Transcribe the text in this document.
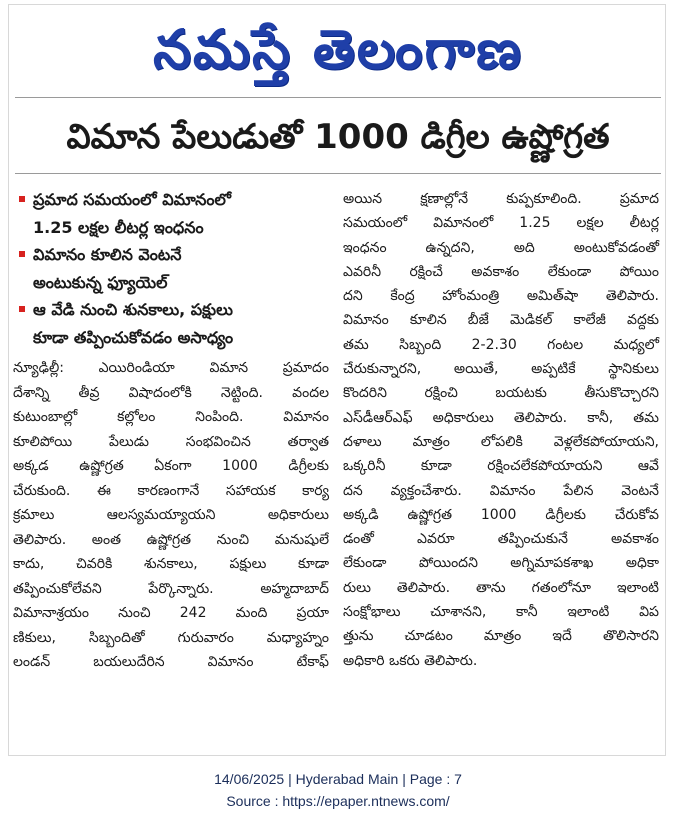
నమస్తే తెలంగాణ
విమాన పేలుడుతో 1000 డిగ్రీల ఉష్ణోగ్రత
ప్రమాద సమయంలో విమానంలో
1.25 లక్షల లీటర్ల ఇంధనం
విమానం కూలిన వెంటనే
అంటుకున్న ఫ్యూయెల్
ఆ వేడి నుంచి శునకాలు, పక్షులు
కూడా తప్పించుకోవడం అసాధ్యం
న్యూఢిల్లీ: ఎయిరిండియా విమాన ప్రమాదం
దేశాన్ని తీవ్ర విషాదంలోకి నెట్టింది. వందల
కుటుంబాల్లో కల్లోలం నింపింది. విమానం
కూలిపోయి పేలుడు సంభవించిన తర్వాత
అక్కడ ఉష్ణోగ్రత ఏకంగా 1000 డిగ్రీలకు
చేరుకుంది. ఈ కారణంగానే సహాయక కార్య
క్రమాలు ఆలస్యమయ్యాయని అధికారులు
తెలిపారు. అంత ఉష్ణోగ్రత నుంచి మనుషులే
కాదు, చివరికి శునకాలు, పక్షులు కూడా
తప్పించుకోలేవని పేర్కొన్నారు. అహ్మదాబాద్
విమానాశ్రయం నుంచి 242 మంది ప్రయా
ణికులు, సిబ్బందితో గురువారం మధ్యాహ్నం
లండన్ బయలుదేరిన విమానం టేకాఫ్
అయిన క్షణాల్లోనే కుప్పకూలింది. ప్రమాద
సమయంలో విమానంలో 1.25 లక్షల లీటర్ల
ఇంధనం ఉన్నదని, అది అంటుకోవడంతో
ఎవరినీ రక్షించే అవకాశం లేకుండా పోయిం
దని కేంద్ర హోంమంత్రి అమిత్‌షా తెలిపారు.
విమానం కూలిన బీజే మెడికల్ కాలేజీ వద్దకు
తమ సిబ్బంది 2-2.30 గంటల మధ్యలో
చేరుకున్నారని, అయితే, అప్పటికే స్థానికులు
కొందరిని రక్షించి బయటకు తీసుకొచ్చారని
ఎస్‌డీఆర్‌ఎఫ్ అధికారులు తెలిపారు. కానీ, తమ
దళాలు మాత్రం లోపలికి వెళ్లలేకపోయాయని,
ఒక్కరినీ కూడా రక్షించలేకపోయాయని ఆవే
దన వ్యక్తంచేశారు. విమానం పేలిన వెంటనే
అక్కడి ఉష్ణోగ్రత 1000 డిగ్రీలకు చేరుకోవ
డంతో ఎవరూ తప్పించుకునే అవకాశం
లేకుండా పోయిందని అగ్నిమాపకశాఖ అధికా
రులు తెలిపారు. తాను గతంలోనూ ఇలాంటి
సంక్షోభాలు చూశానని, కానీ ఇలాంటి విప
త్తును చూడటం మాత్రం ఇదే తొలిసారని
అధికారి ఒకరు తెలిపారు.
14/06/2025 | Hyderabad Main | Page : 7
Source : https://epaper.ntnews.com/
